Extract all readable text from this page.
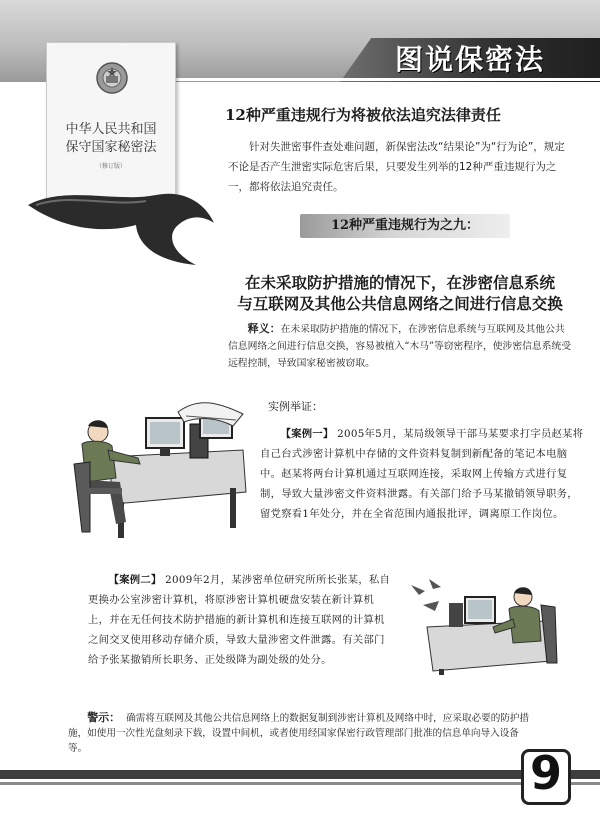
图说保密法
中华人民共和国
保守国家秘密法
（修订版）
12种严重违规行为将被依法追究法律责任
针对失泄密事件查处难问题，新保密法改“结果论”为“行为论”，规定不论是否产生泄密实际危害后果，只要发生列举的12种严重违规行为之一，都将依法追究责任。
12种严重违规行为之九：
在未采取防护措施的情况下，在涉密信息系统
与互联网及其他公共信息网络之间进行信息交换
释义：在未采取防护措施的情况下，在涉密信息系统与互联网及其他公共信息网络之间进行信息交换，容易被植入“木马”等窃密程序，使涉密信息系统受远程控制，导致国家秘密被窃取。
实例举证：
【案例一】 2005年5月，某局级领导干部马某要求打字员赵某将自己台式涉密计算机中存储的文件资料复制到新配备的笔记本电脑中。赵某将两台计算机通过互联网连接，采取网上传输方式进行复制，导致大量涉密文件资料泄露。有关部门给予马某撤销领导职务，留党察看1年处分，并在全省范围内通报批评，调离原工作岗位。
【案例二】 2009年2月，某涉密单位研究所所长张某，私自更换办公室涉密计算机，将原涉密计算机硬盘安装在新计算机上，并在无任何技术防护措施的新计算机和连接互联网的计算机之间交叉使用移动存储介质，导致大量涉密文件泄露。有关部门给予张某撤销所长职务、正处级降为副处级的处分。
警示： 确需将互联网及其他公共信息网络上的数据复制到涉密计算机及网络中时，应采取必要的防护措施，如使用一次性光盘刻录下载，设置中间机，或者使用经国家保密行政管理部门批准的信息单向导入设备等。	9
